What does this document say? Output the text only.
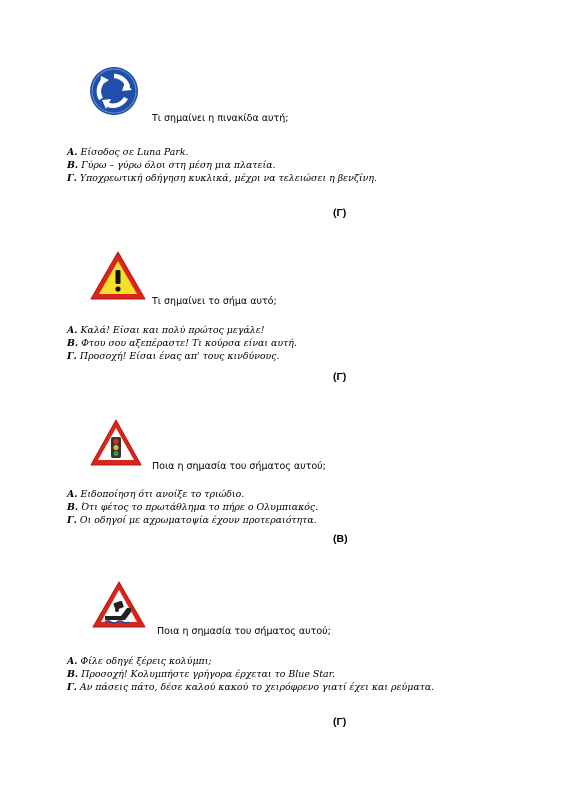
Τι σημαίνει η πινακίδα αυτή;
Α. Είσοδος σε Luna Park.
Β. Γύρω – γύρω όλοι στη μέση μια πλατεία.
Γ. Υποχρεωτική οδήγηση κυκλικά, μέχρι να τελειώσει η βενζίνη.
(Γ)
Τι σημαίνει το σήμα αυτό;
Α. Καλά! Είσαι και πολύ πρώτος μεγάλε!
Β. Φτου σου αξεπέραστε! Τι κούρσα είναι αυτή.
Γ. Προσοχή! Είσαι ένας απ' τους κινδύνους.
(Γ)
Ποια η σημασία του σήματος αυτού;
Α. Ειδοποίηση ότι ανοίξε το τριώδιο.
Β. Ότι φέτος το πρωτάθλημα το πήρε ο Ολυμπιακός.
Γ. Οι οδηγοί με αχρωματοψία έχουν προτεραιότητα.
(Β)
Ποια η σημασία του σήματος αυτού;
Α. Φίλε οδηγέ ξέρεις κολύμπι;
Β. Προσοχή! Κολυμπήστε γρήγορα έρχεται το Blue Star.
Γ. Αν πάσεις πάτο, δέσε καλού κακού το χειρόφρενο γιατί έχει και ρεύματα.
(Γ)
